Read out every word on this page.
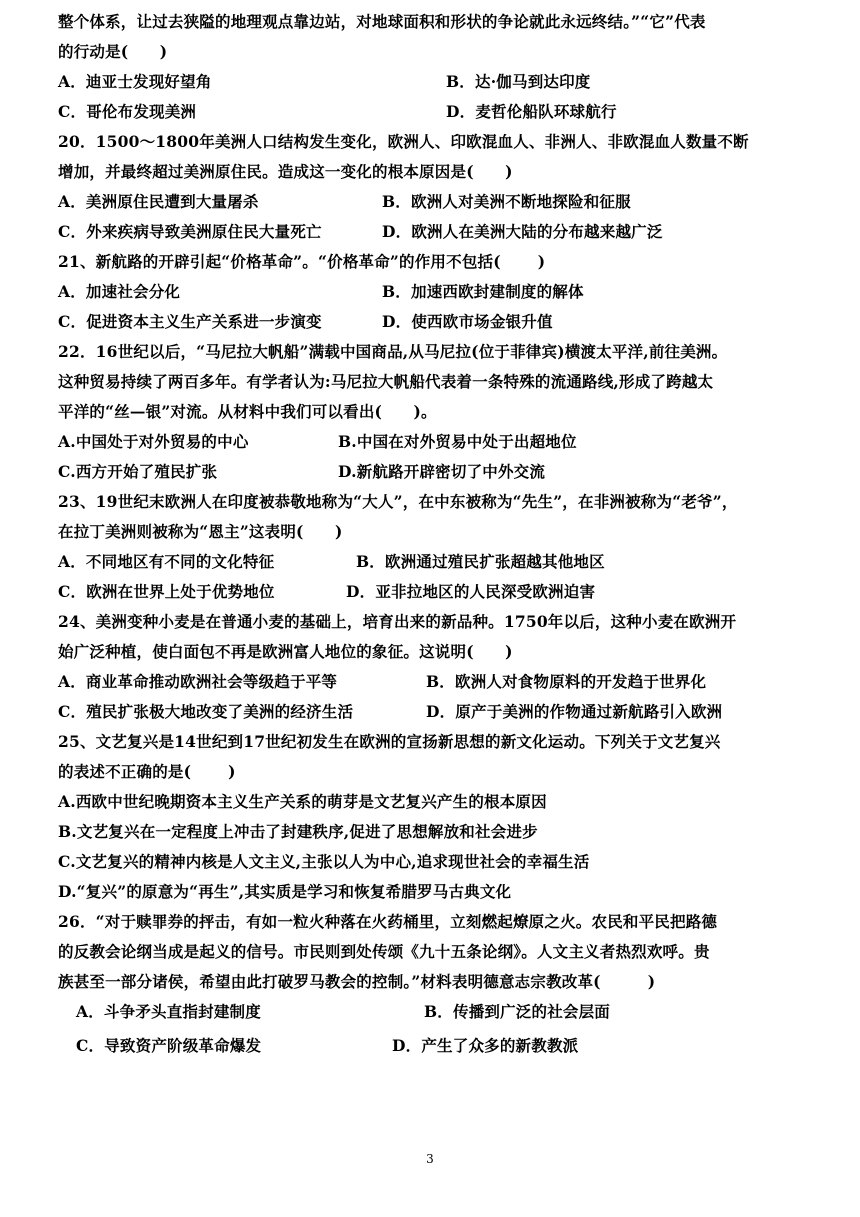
整个体系，让过去狭隘的地理观点靠边站，对地球面积和形状的争论就此永远终结。”“它”代表
的行动是(　　)
A．迪亚士发现好望角	B．达·伽马到达印度
C．哥伦布发现美洲	D．麦哲伦船队环球航行
20．1500～1800年美洲人口结构发生变化，欧洲人、印欧混血人、非洲人、非欧混血人数量不断
增加，并最终超过美洲原住民。造成这一变化的根本原因是(　　)
A．美洲原住民遭到大量屠杀	B．欧洲人对美洲不断地探险和征服
C．外来疾病导致美洲原住民大量死亡	D．欧洲人在美洲大陆的分布越来越广泛
21、新航路的开辟引起“价格革命”。“价格革命”的作用不包括(　　 )
A．加速社会分化	B．加速西欧封建制度的解体
C．促进资本主义生产关系进一步演变	D．使西欧市场金银升值
22．16世纪以后，“马尼拉大帆船”满载中国商品,从马尼拉(位于菲律宾)横渡太平洋,前往美洲。
这种贸易持续了两百多年。有学者认为:马尼拉大帆船代表着一条特殊的流通路线,形成了跨越太
平洋的“丝—银”对流。从材料中我们可以看出(　　)。
A.中国处于对外贸易的中心	B.中国在对外贸易中处于出超地位
C.西方开始了殖民扩张	D.新航路开辟密切了中外交流
23、19世纪末欧洲人在印度被恭敬地称为“大人”，在中东被称为“先生”，在非洲被称为“老爷”，
在拉丁美洲则被称为“恩主”这表明(　　)
A．不同地区有不同的文化特征	B．欧洲通过殖民扩张超越其他地区
C．欧洲在世界上处于优势地位	D．亚非拉地区的人民深受欧洲迫害
24、美洲变种小麦是在普通小麦的基础上，培育出来的新品种。1750年以后，这种小麦在欧洲开
始广泛种植，使白面包不再是欧洲富人地位的象征。这说明(　　)
A．商业革命推动欧洲社会等级趋于平等	B．欧洲人对食物原料的开发趋于世界化
C．殖民扩张极大地改变了美洲的经济生活	D．原产于美洲的作物通过新航路引入欧洲
25、文艺复兴是14世纪到17世纪初发生在欧洲的宣扬新思想的新文化运动。下列关于文艺复兴
的表述不正确的是(　　 )
A.西欧中世纪晚期资本主义生产关系的萌芽是文艺复兴产生的根本原因
B.文艺复兴在一定程度上冲击了封建秩序,促进了思想解放和社会进步
C.文艺复兴的精神内核是人文主义,主张以人为中心,追求现世社会的幸福生活
D.“复兴”的原意为“再生”,其实质是学习和恢复希腊罗马古典文化
26．“对于赎罪券的抨击，有如一粒火种落在火药桶里，立刻燃起燎原之火。农民和平民把路德
的反教会论纲当成是起义的信号。市民则到处传颂《九十五条论纲》。人文主义者热烈欢呼。贵
族甚至一部分诸侯，希望由此打破罗马教会的控制。”材料表明德意志宗教改革(　　　)
A．斗争矛头直指封建制度	B．传播到广泛的社会层面
C．导致资产阶级革命爆发	D．产生了众多的新教教派
3
